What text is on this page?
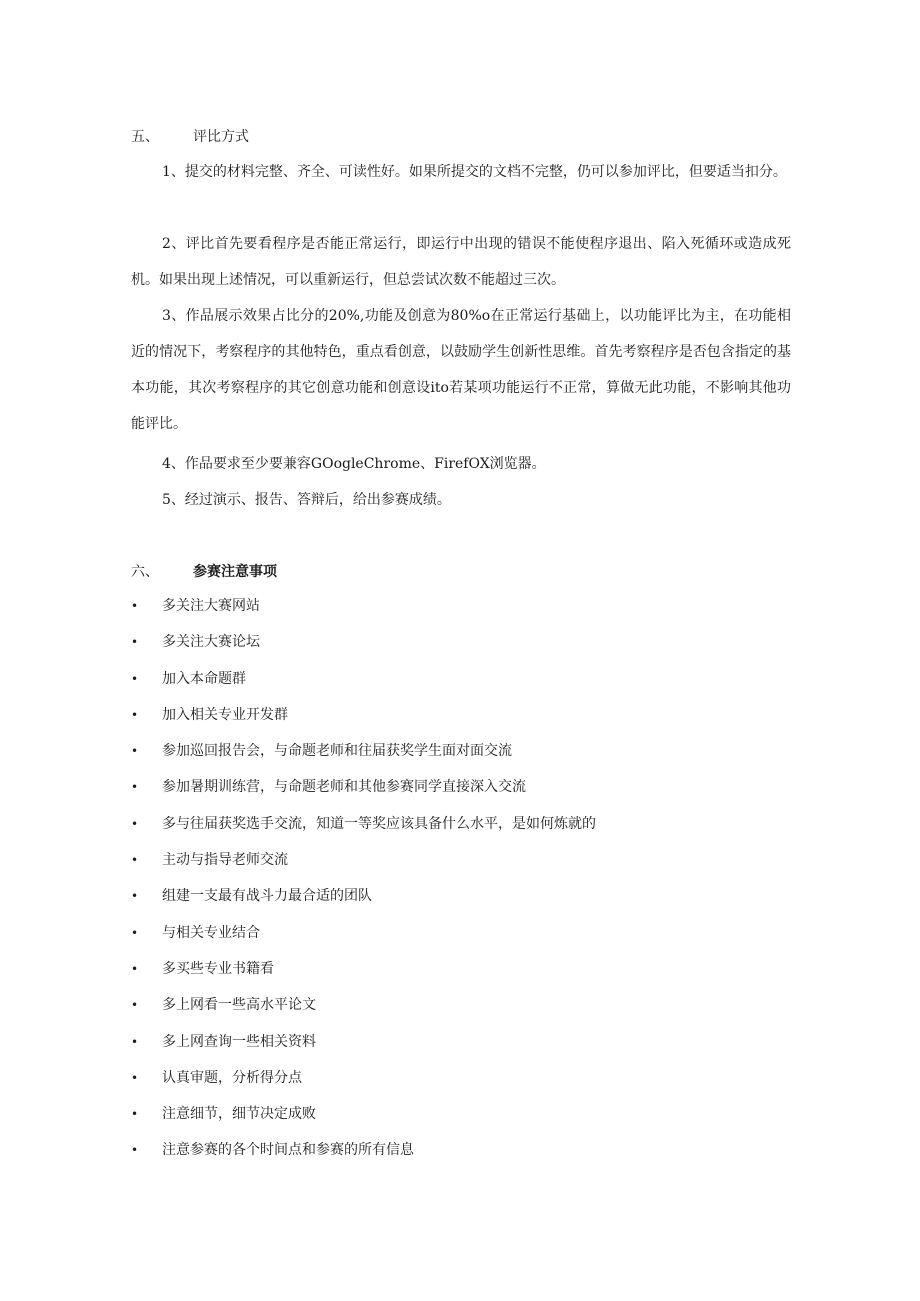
五、 评比方式

1、提交的材料完整、齐全、可读性好。如果所提交的文档不完整，仍可以参加评比，但要适当扣分。

2、评比首先要看程序是否能正常运行，即运行中出现的错误不能使程序退出、陷入死循环或造成死机。如果出现上述情况，可以重新运行，但总尝试次数不能超过三次。

3、作品展示效果占比分的20%,功能及创意为80%o在正常运行基础上，以功能评比为主，在功能相近的情况下，考察程序的其他特色，重点看创意，以鼓励学生创新性思维。首先考察程序是否包含指定的基本功能，其次考察程序的其它创意功能和创意设ito若某项功能运行不正常，算做无此功能，不影响其他功能评比。

4、作品要求至少要兼容GOogleChrome、FirefOX浏览器。

5、经过演示、报告、答辩后，给出参赛成绩。

六、 参赛注意事项
•	多关注大赛网站
•	多关注大赛论坛
•	加入本命题群
•	加入相关专业开发群
•	参加巡回报告会，与命题老师和往届获奖学生面对面交流
•	参加暑期训练营，与命题老师和其他参赛同学直接深入交流
•	多与往届获奖选手交流，知道一等奖应该具备什么水平，是如何炼就的
•	主动与指导老师交流
•	组建一支最有战斗力最合适的团队
•	与相关专业结合
•	多买些专业书籍看
•	多上网看一些高水平论文
•	多上网查询一些相关资料
•	认真审题，分析得分点
•	注意细节，细节决定成败
•	注意参赛的各个时间点和参赛的所有信息
